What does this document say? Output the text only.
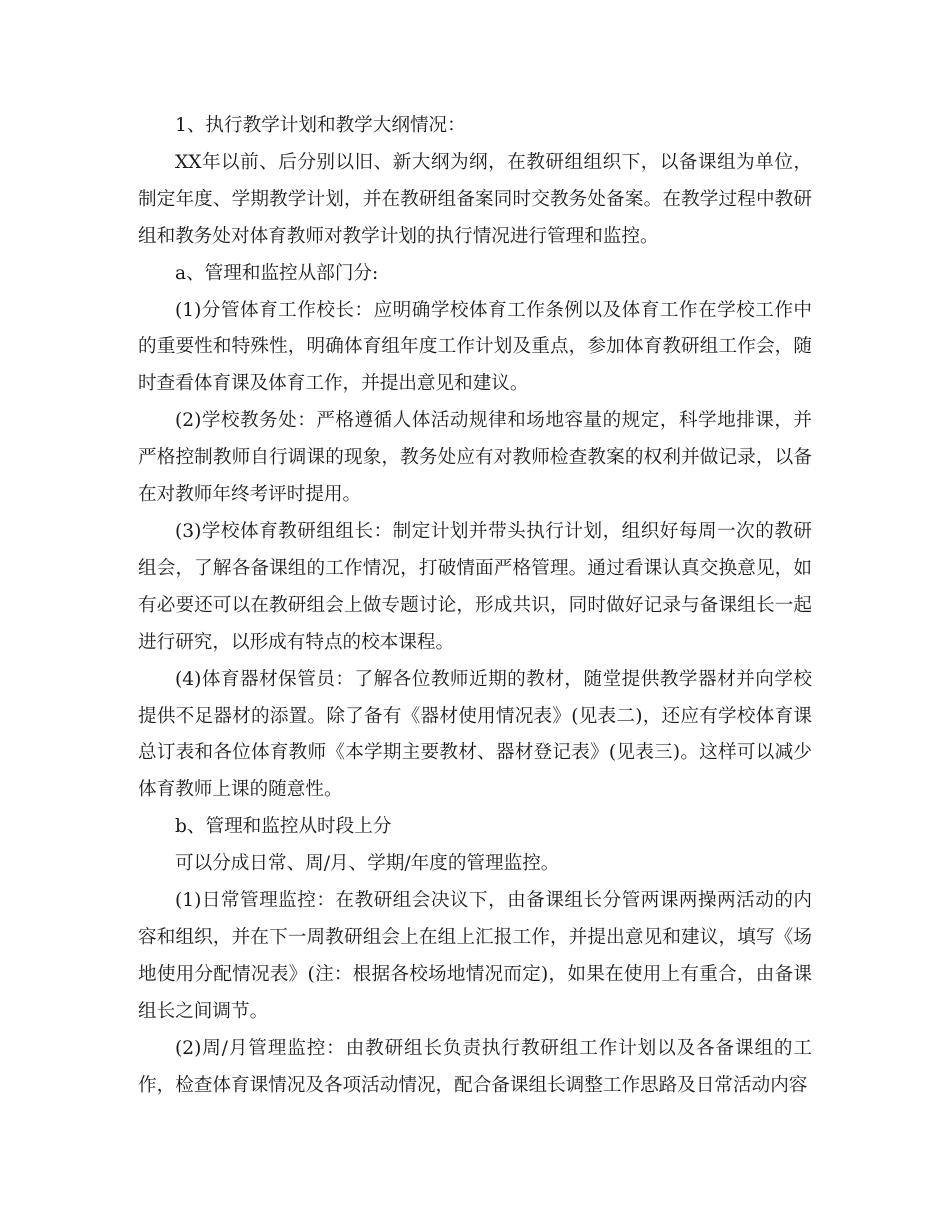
1、执行教学计划和教学大纲情况：

XX年以前、后分别以旧、新大纲为纲，在教研组组织下，以备课组为单位，制定年度、学期教学计划，并在教研组备案同时交教务处备案。在教学过程中教研组和教务处对体育教师对教学计划的执行情况进行管理和监控。

a、管理和监控从部门分:

(1)分管体育工作校长：应明确学校体育工作条例以及体育工作在学校工作中的重要性和特殊性，明确体育组年度工作计划及重点，参加体育教研组工作会，随时查看体育课及体育工作，并提出意见和建议。

(2)学校教务处：严格遵循人体活动规律和场地容量的规定，科学地排课，并严格控制教师自行调课的现象，教务处应有对教师检查教案的权利并做记录，以备在对教师年终考评时提用。

(3)学校体育教研组组长：制定计划并带头执行计划，组织好每周一次的教研组会，了解各备课组的工作情况，打破情面严格管理。通过看课认真交换意见，如有必要还可以在教研组会上做专题讨论，形成共识，同时做好记录与备课组长一起进行研究，以形成有特点的校本课程。

(4)体育器材保管员：了解各位教师近期的教材，随堂提供教学器材并向学校提供不足器材的添置。除了备有《器材使用情况表》(见表二)，还应有学校体育课总订表和各位体育教师《本学期主要教材、器材登记表》(见表三)。这样可以减少体育教师上课的随意性。

b、管理和监控从时段上分

可以分成日常、周/月、学期/年度的管理监控。

(1)日常管理监控：在教研组会决议下，由备课组长分管两课两操两活动的内容和组织，并在下一周教研组会上在组上汇报工作，并提出意见和建议，填写《场地使用分配情况表》(注：根据各校场地情况而定)，如果在使用上有重合，由备课组长之间调节。

(2)周/月管理监控：由教研组长负责执行教研组工作计划以及各备课组的工作，检查体育课情况及各项活动情况，配合备课组长调整工作思路及日常活动内容
